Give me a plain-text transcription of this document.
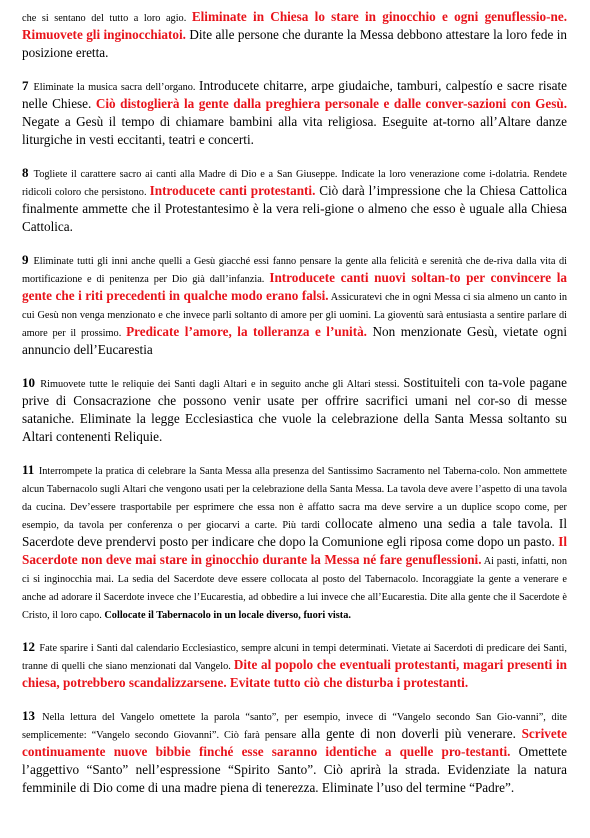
che si sentano del tutto a loro agio. Eliminate in Chiesa lo stare in ginocchio e ogni genuflessio-ne. Rimuovete gli inginocchiatoi. Dite alle persone che durante la Messa debbono attestare la loro fede in posizione eretta.

7 Eliminate la musica sacra dell’organo. Introducete chitarre, arpe giudaiche, tamburi, calpestío e sacre risate nelle Chiese. Ciò distoglierà la gente dalla preghiera personale e dalle conver-sazioni con Gesù. Negate a Gesù il tempo di chiamare bambini alla vita religiosa. Eseguite at-torno all’Altare danze liturgiche in vesti eccitanti, teatri e concerti.

8 Togliete il carattere sacro ai canti alla Madre di Dio e a San Giuseppe. Indicate la loro venerazione come i-dolatria. Rendete ridicoli coloro che persistono. Introducete canti protestanti. Ciò darà l’impressione che la Chiesa Cattolica finalmente ammette che il Protestantesimo è la vera reli-gione o almeno che esso è uguale alla Chiesa Cattolica.

9 Eliminate tutti gli inni anche quelli a Gesù giacché essi fanno pensare la gente alla felicità e serenità che de-riva dalla vita di mortificazione e di penitenza per Dio già dall’infanzia. Introducete canti nuovi soltan-to per convincere la gente che i riti precedenti in qualche modo erano falsi. Assicuratevi che in ogni Messa ci sia almeno un canto in cui Gesù non venga menzionato e che invece parli soltanto di amore per gli uomini. La gioventù sarà entusiasta a sentire parlare di amore per il prossimo. Predicate l’amore, la tolleranza e l’unità. Non menzionate Gesù, vietate ogni annuncio dell’Eucarestia

10 Rimuovete tutte le reliquie dei Santi dagli Altari e in seguito anche gli Altari stessi. Sostituiteli con ta-vole pagane prive di Consacrazione che possono venir usate per offrire sacrifici umani nel cor-so di messe sataniche. Eliminate la legge Ecclesiastica che vuole la celebrazione della Santa Messa soltanto su Altari contenenti Reliquie.

11 Interrompete la pratica di celebrare la Santa Messa alla presenza del Santissimo Sacramento nel Taberna-colo. Non ammettete alcun Tabernacolo sugli Altari che vengono usati per la celebrazione della Santa Messa. La tavola deve avere l’aspetto di una tavola da cucina. Dev’essere trasportabile per esprimere che essa non è affatto sacra ma deve servire a un duplice scopo come, per esempio, da tavola per conferenza o per giocarvi a carte. Più tardi collocate almeno una sedia a tale tavola. Il Sacerdote deve prendervi posto per indicare che dopo la Comunione egli riposa come dopo un pasto. Il Sacerdote non deve mai stare in ginocchio durante la Messa né fare genuflessioni. Ai pasti, infatti, non ci si inginocchia mai. La sedia del Sacerdote deve essere collocata al posto del Tabernacolo. Incoraggiate la gente a venerare e anche ad adorare il Sacerdote invece che l’Eucarestia, ad obbedire a lui invece che all’Eucarestia. Dite alla gente che il Sacerdote è Cristo, il loro capo. Collocate il Tabernacolo in un locale diverso, fuori vista.

12 Fate sparire i Santi dal calendario Ecclesiastico, sempre alcuni in tempi determinati. Vietate ai Sacerdoti di predicare dei Santi, tranne di quelli che siano menzionati dal Vangelo. Dite al popolo che eventuali protestanti, magari presenti in chiesa, potrebbero scandalizzarsene. Evitate tutto ciò che disturba i protestanti.

13 Nella lettura del Vangelo omettete la parola “santo”, per esempio, invece di “Vangelo secondo San Gio-vanni”, dite semplicemente: “Vangelo secondo Giovanni”. Ciò farà pensare alla gente di non doverli più venerare. Scrivete continuamente nuove bibbie finché esse saranno identiche a quelle pro-testanti. Omettete l’aggettivo “Santo” nell’espressione “Spirito Santo”. Ciò aprirà la strada. Evidenziate la natura femminile di Dio come di una madre piena di tenerezza. Eliminate l’uso del termine “Padre”.
